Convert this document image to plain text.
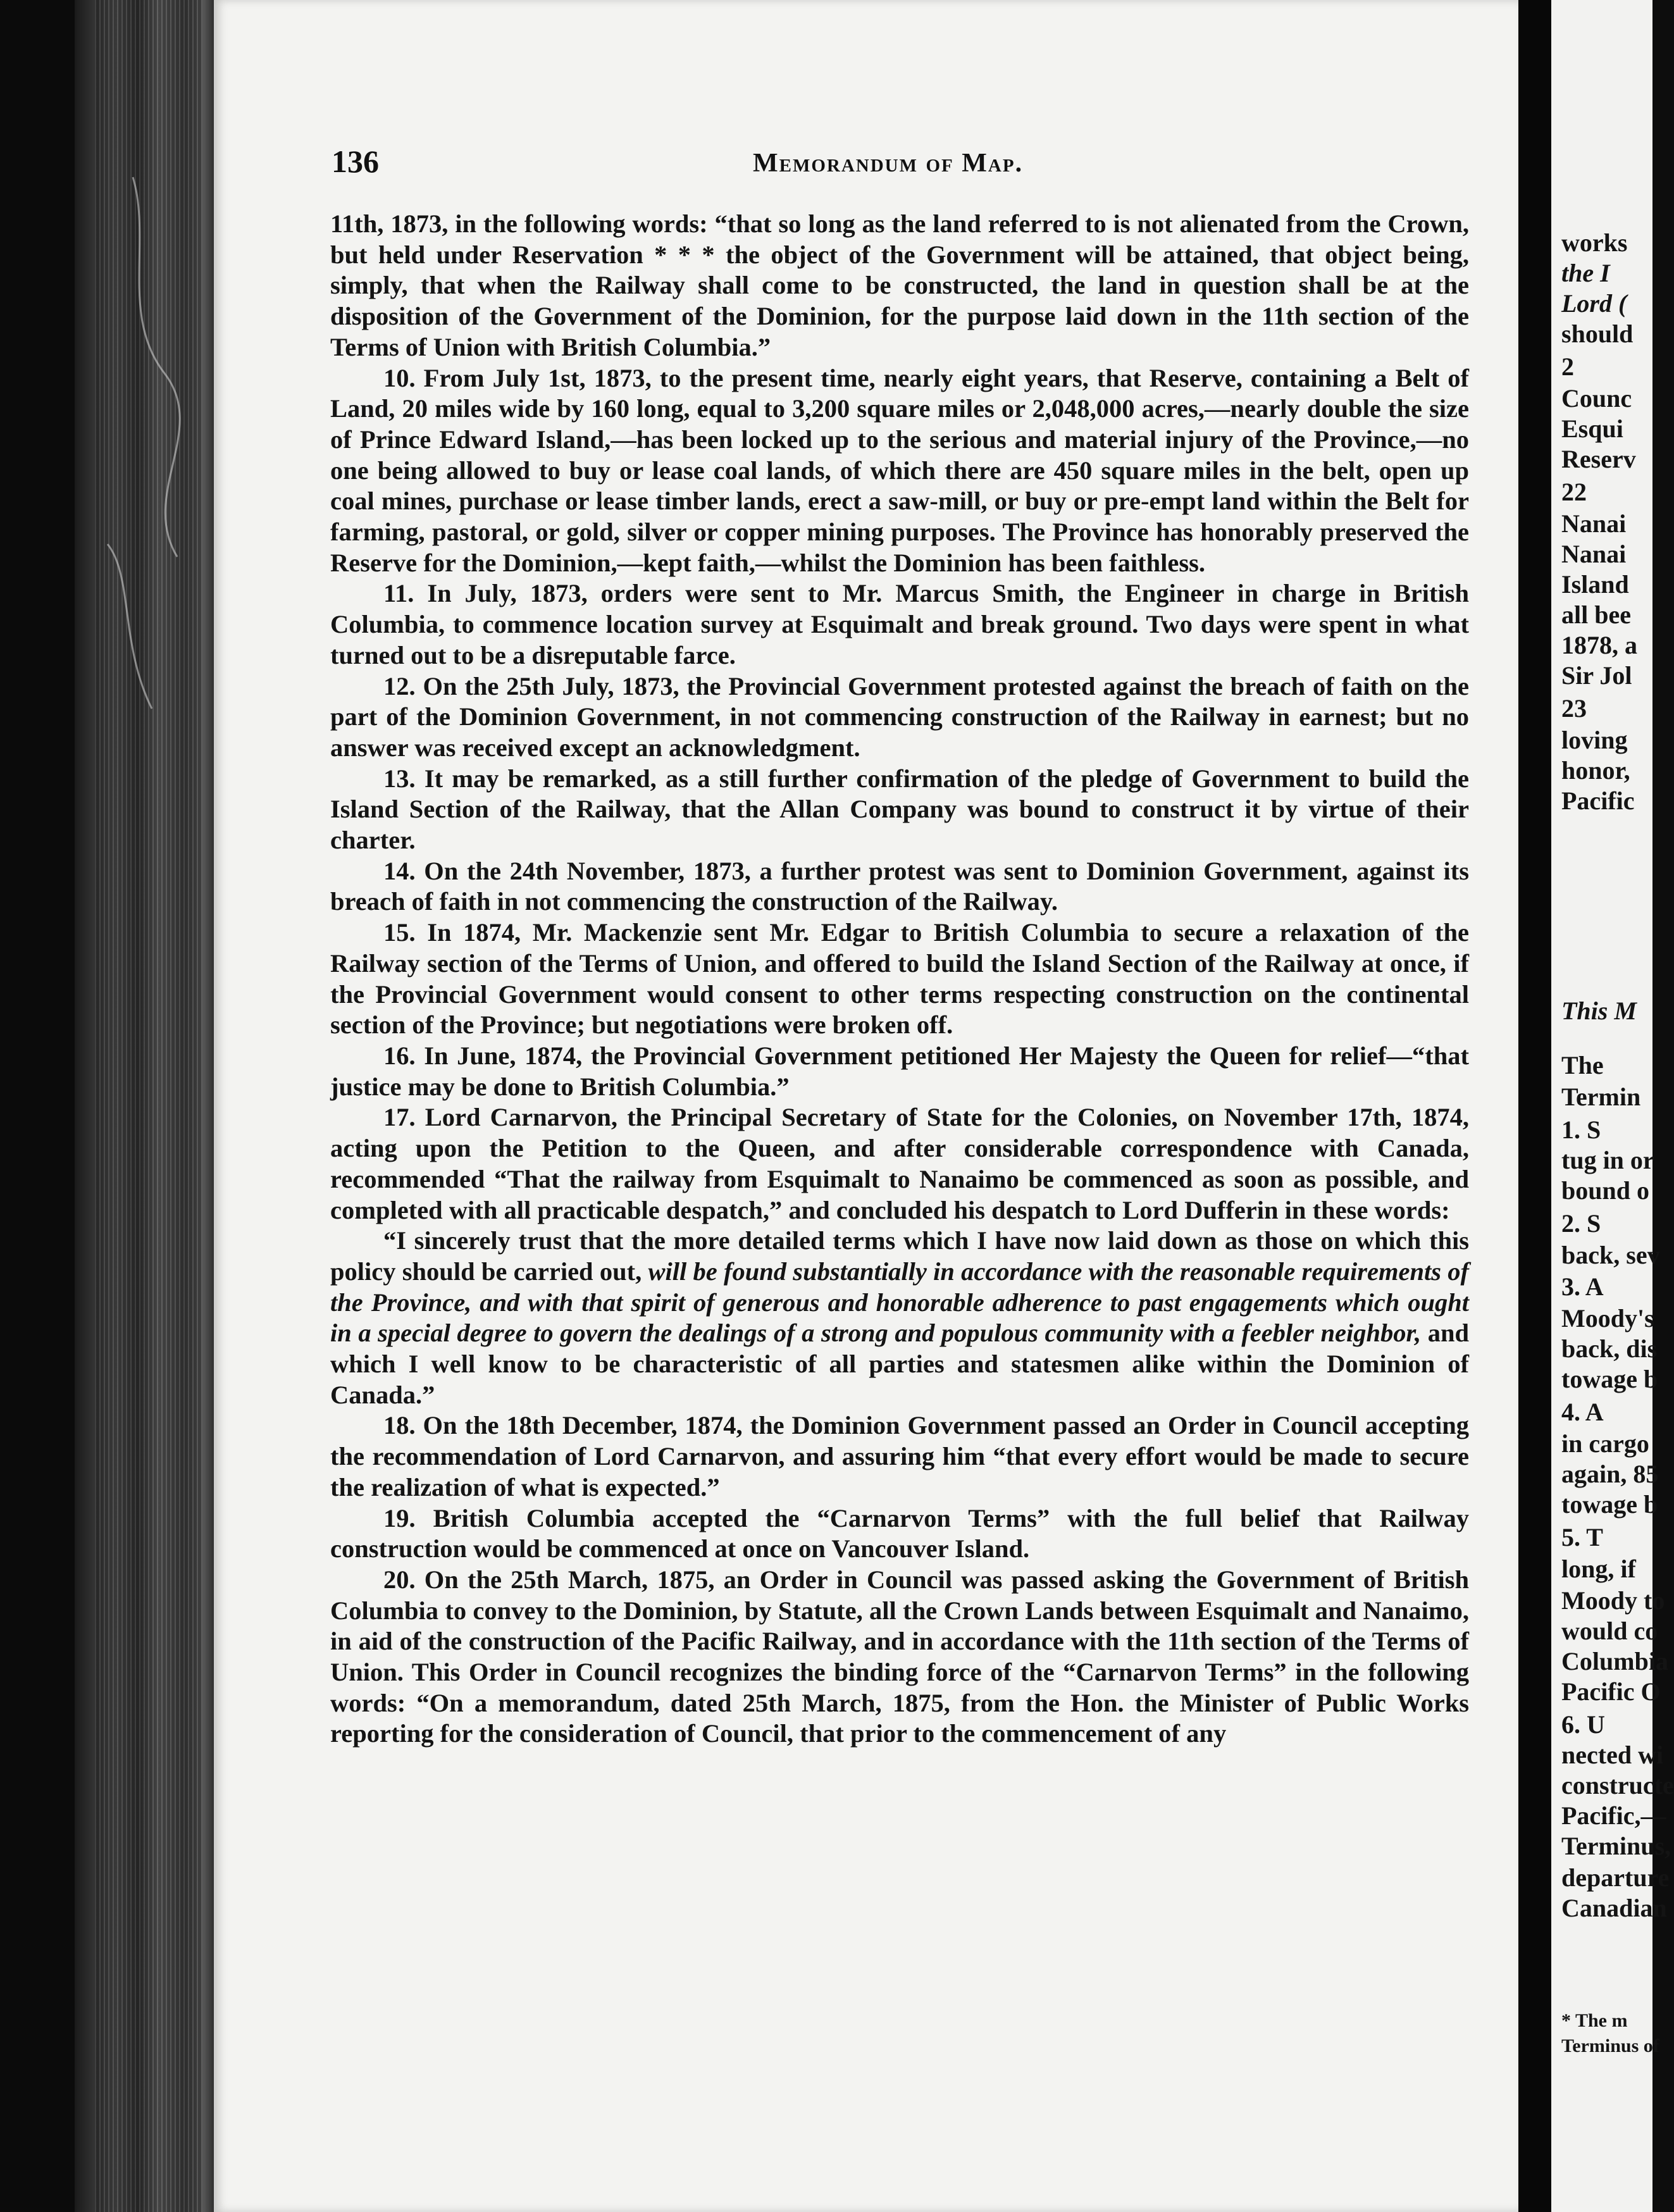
136	Memorandum of Map.

11th, 1873, in the following words: “that so long as the land referred to is not alienated from the Crown, but held under Reservation * * * the object of the Government will be attained, that object being, simply, that when the Railway shall come to be constructed, the land in question shall be at the disposition of the Government of the Dominion, for the purpose laid down in the 11th section of the Terms of Union with British Columbia.”

10. From July 1st, 1873, to the present time, nearly eight years, that Reserve, containing a Belt of Land, 20 miles wide by 160 long, equal to 3,200 square miles or 2,048,000 acres,—nearly double the size of Prince Edward Island,—has been locked up to the serious and material injury of the Province,—no one being allowed to buy or lease coal lands, of which there are 450 square miles in the belt, open up coal mines, purchase or lease timber lands, erect a saw-mill, or buy or pre-empt land within the Belt for farming, pastoral, or gold, silver or copper mining purposes. The Province has honorably preserved the Reserve for the Dominion,—kept faith,—whilst the Dominion has been faithless.

11. In July, 1873, orders were sent to Mr. Marcus Smith, the Engineer in charge in British Columbia, to commence location survey at Esquimalt and break ground. Two days were spent in what turned out to be a disreputable farce.

12. On the 25th July, 1873, the Provincial Government protested against the breach of faith on the part of the Dominion Government, in not commencing construction of the Railway in earnest; but no answer was received except an acknowledgment.

13. It may be remarked, as a still further confirmation of the pledge of Government to build the Island Section of the Railway, that the Allan Company was bound to construct it by virtue of their charter.

14. On the 24th November, 1873, a further protest was sent to Dominion Government, against its breach of faith in not commencing the construction of the Railway.

15. In 1874, Mr. Mackenzie sent Mr. Edgar to British Columbia to secure a relaxation of the Railway section of the Terms of Union, and offered to build the Island Section of the Railway at once, if the Provincial Government would consent to other terms respecting construction on the continental section of the Province; but negotiations were broken off.

16. In June, 1874, the Provincial Government petitioned Her Majesty the Queen for relief—“that justice may be done to British Columbia.”

17. Lord Carnarvon, the Principal Secretary of State for the Colonies, on November 17th, 1874, acting upon the Petition to the Queen, and after considerable correspondence with Canada, recommended “That the railway from Esquimalt to Nanaimo be commenced as soon as possible, and completed with all practicable despatch,” and concluded his despatch to Lord Dufferin in these words:

“I sincerely trust that the more detailed terms which I have now laid down as those on which this policy should be carried out, will be found substantially in accordance with the reasonable requirements of the Province, and with that spirit of generous and honorable adherence to past engagements which ought in a special degree to govern the dealings of a strong and populous community with a feebler neighbor, and which I well know to be characteristic of all parties and statesmen alike within the Dominion of Canada.”

18. On the 18th December, 1874, the Dominion Government passed an Order in Council accepting the recommendation of Lord Carnarvon, and assuring him “that every effort would be made to secure the realization of what is expected.”

19. British Columbia accepted the “Carnarvon Terms” with the full belief that Railway construction would be commenced at once on Vancouver Island.

20. On the 25th March, 1875, an Order in Council was passed asking the Government of British Columbia to convey to the Dominion, by Statute, all the Crown Lands between Esquimalt and Nanaimo, in aid of the construction of the Pacific Railway, and in accordance with the 11th section of the Terms of Union. This Order in Council recognizes the binding force of the “Carnarvon Terms” in the following words: “On a memorandum, dated 25th March, 1875, from the Hon. the Minister of Public Works reporting for the consideration of Council, that prior to the commencement of any

works
the I
Lord (
should
2
Counc
Esqui
Reserv
22
Nanai
Nanai
Island
all bee
1878, a
Sir Jol
23
loving
honor,
Pacific
This M
The
Termin
1. S
tug in or
bound o
2. S
back, sev
3. A
Moody's
back, dis
towage b
4. A
in cargo
again, 85
towage b
5. T
long, if
Moody to
would co
Columbia
Pacific O
6. U
nected wi
constructe
Pacific,—
Terminus,
departure
Canadian
* The m
Terminus of
